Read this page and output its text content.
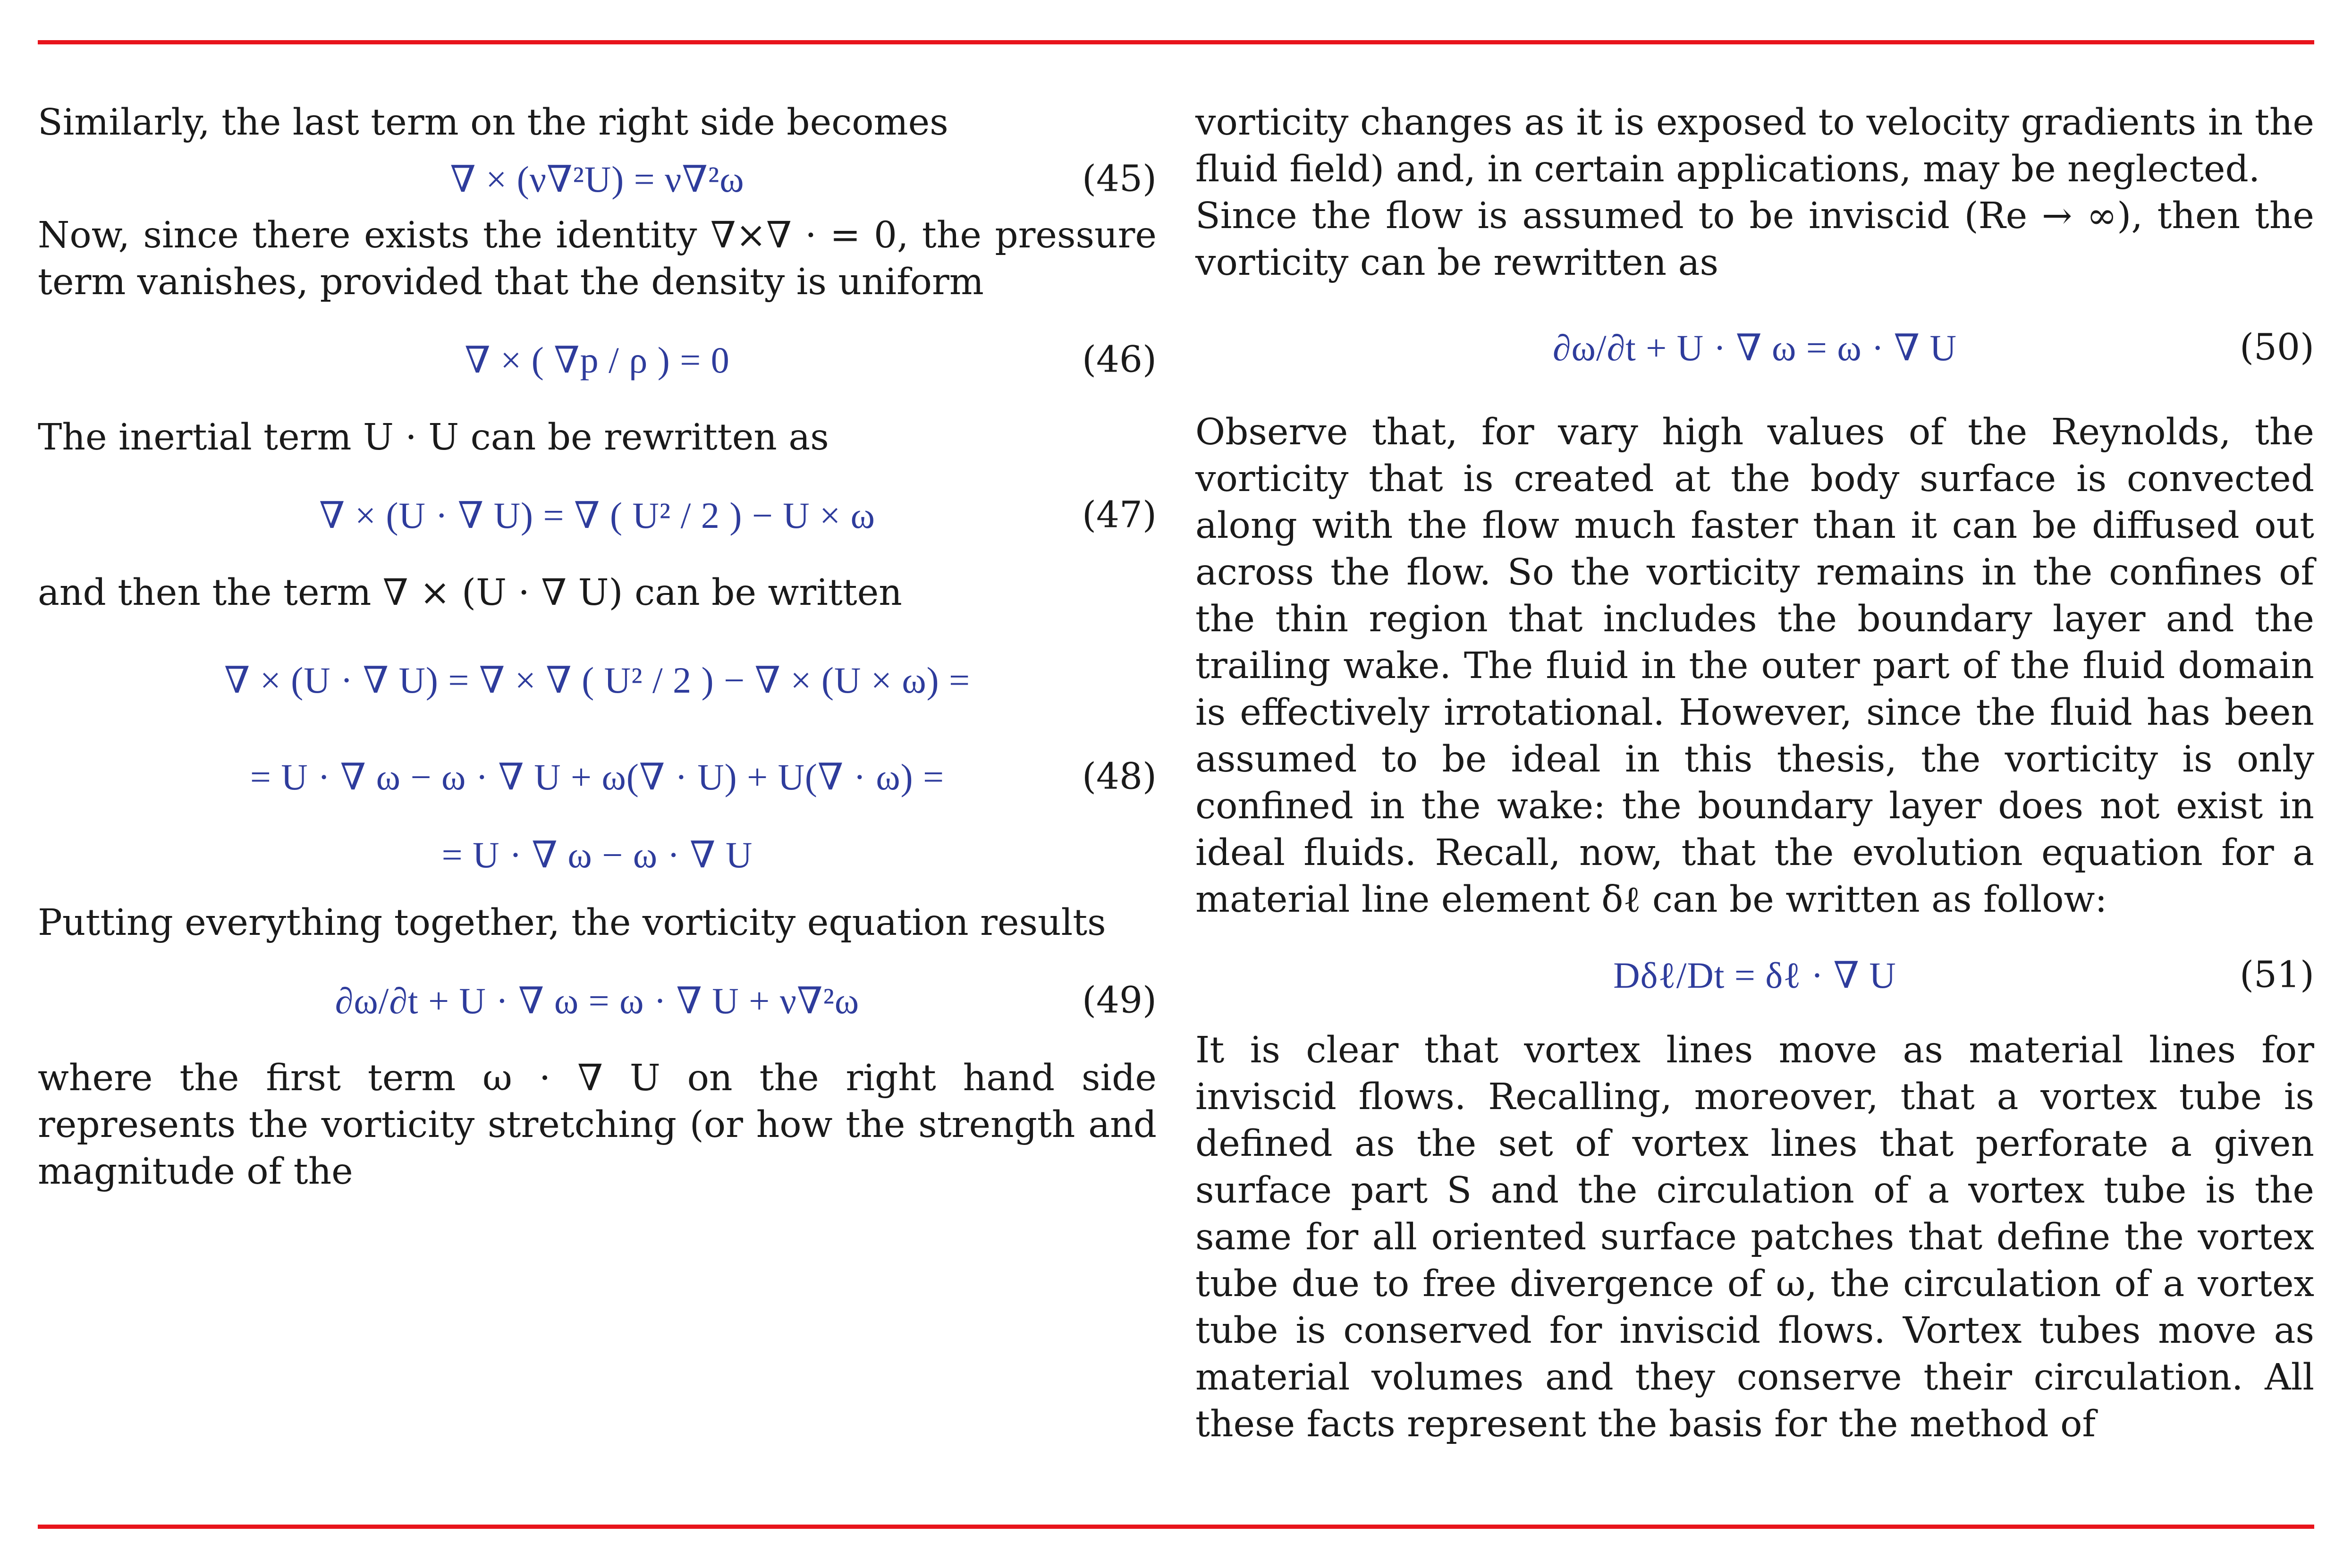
Similarly, the last term on the right side becomes

∇ × (ν∇²U) = ν∇²ω	(45)

Now, since there exists the identity ∇×∇ · = 0, the pressure term vanishes, provided that the density is uniform

∇ × ( ∇p / ρ ) = 0	(46)

The inertial term U · U can be rewritten as

∇ × (U · ∇ U) = ∇ ( U² / 2 ) − U × ω	(47)

and then the term ∇ × (U · ∇ U) can be written

∇ × (U · ∇ U) = ∇ × ∇ ( U² / 2 ) − ∇ × (U × ω) =
= U · ∇ ω − ω · ∇ U + ω(∇ · U) + U(∇ · ω) =	(48)
= U · ∇ ω − ω · ∇ U

Putting everything together, the vorticity equation results

∂ω/∂t + U · ∇ ω = ω · ∇ U + ν∇²ω	(49)

where the first term ω · ∇ U on the right hand side represents the vorticity stretching (or how the strength and magnitude of the

vorticity changes as it is exposed to velocity gradients in the fluid field) and, in certain applications, may be neglected.

Since the flow is assumed to be inviscid (Re → ∞), then the vorticity can be rewritten as

∂ω/∂t + U · ∇ ω = ω · ∇ U	(50)

Observe that, for vary high values of the Reynolds, the vorticity that is created at the body surface is convected along with the flow much faster than it can be diffused out across the flow. So the vorticity remains in the confines of the thin region that includes the boundary layer and the trailing wake. The fluid in the outer part of the fluid domain is effectively irrotational. However, since the fluid has been assumed to be ideal in this thesis, the vorticity is only confined in the wake: the boundary layer does not exist in ideal fluids. Recall, now, that the evolution equation for a material line element δℓ can be written as follow:

Dδℓ/Dt = δℓ · ∇ U	(51)

It is clear that vortex lines move as material lines for inviscid flows. Recalling, moreover, that a vortex tube is defined as the set of vortex lines that perforate a given surface part S and the circulation of a vortex tube is the same for all oriented surface patches that define the vortex tube due to free divergence of ω, the circulation of a vortex tube is conserved for inviscid flows. Vortex tubes move as material volumes and they conserve their circulation. All these facts represent the basis for the method of
